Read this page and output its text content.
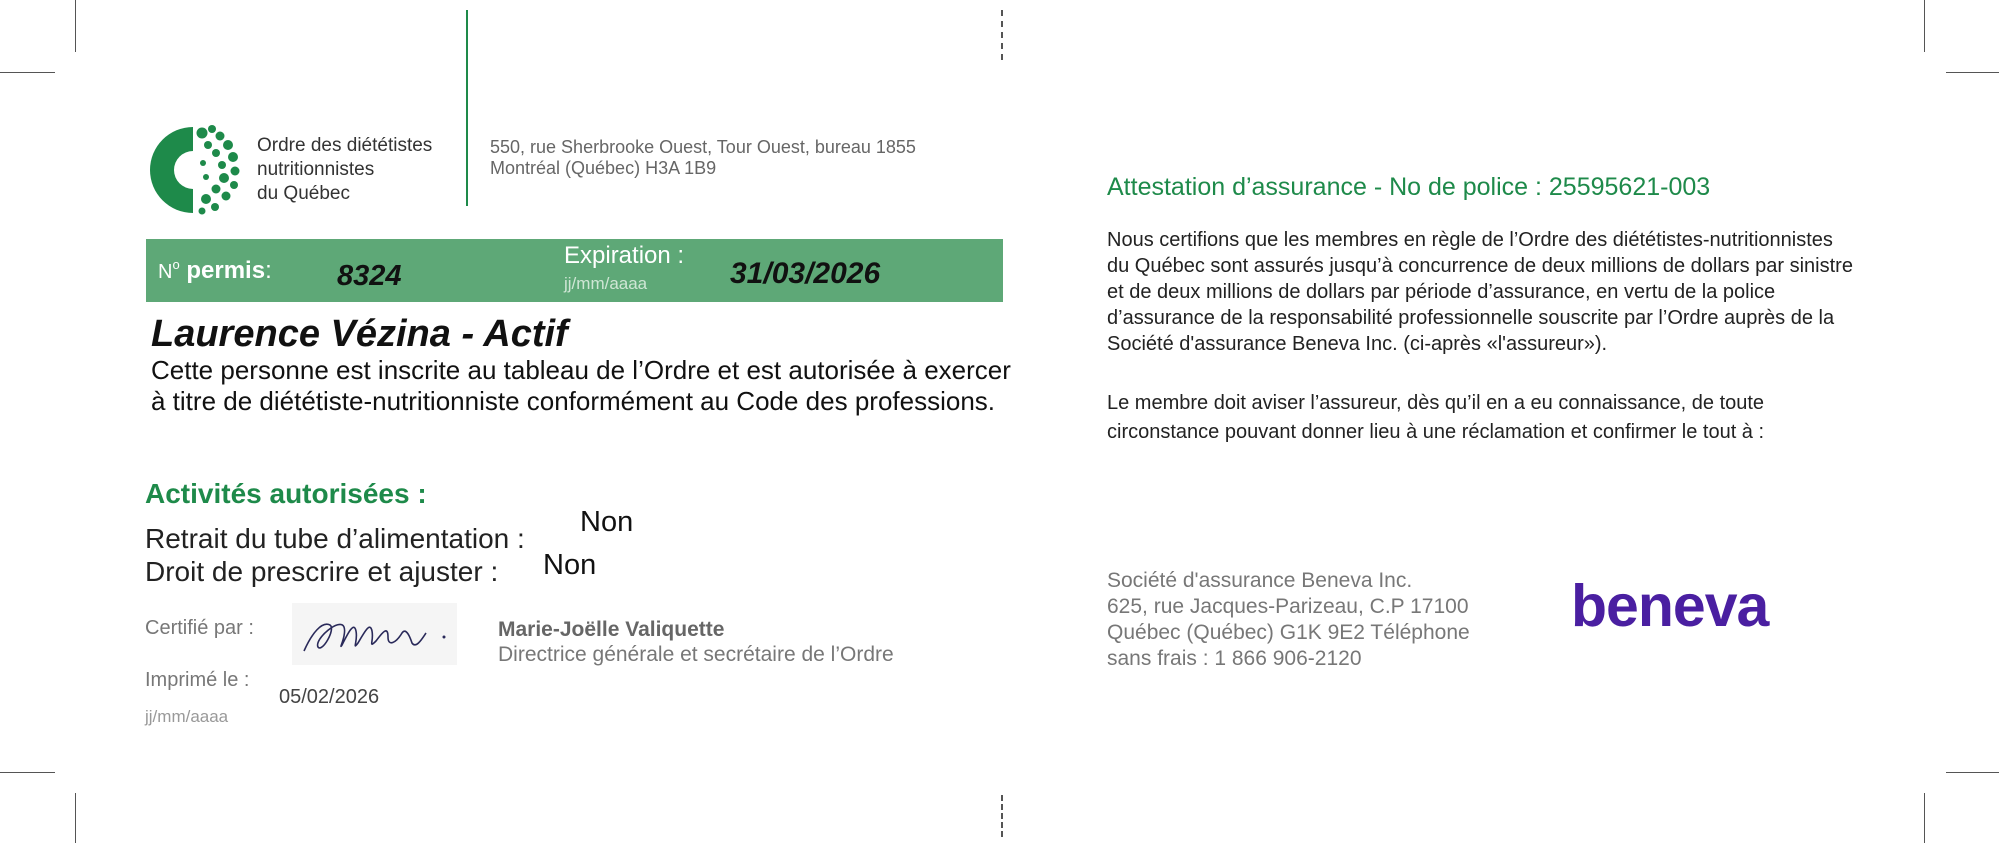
Ordre des diététistes
nutritionnistes
du Québec
550, rue Sherbrooke Ouest, Tour Ouest, bureau 1855
Montréal (Québec) H3A 1B9
$N^o$ permis: 8324
Expiration :
jj/mm/aaaa	31/03/2026
Laurence Vézina - Actif
Cette personne est inscrite au tableau de l’Ordre et est autorisée à exercer à titre de diététiste-nutritionniste conformément au Code des professions.
Activités autorisées :
Retrait du tube d’alimentation :
Non
Droit de prescrire et ajuster : Non
Certifié par :	Marie-Joëlle Valiquette
Directrice générale et secrétaire de l’Ordre
Imprimé le :
05/02/2026
jj/mm/aaaa
Attestation d’assurance - No de police : 25595621-003
Nous certifions que les membres en règle de l’Ordre des diététistes-nutritionnistes du Québec sont assurés jusqu’à concurrence de deux millions de dollars par sinistre et de deux millions de dollars par période d’assurance, en vertu de la police d’assurance de la responsabilité professionnelle souscrite par l’Ordre auprès de la Société d'assurance Beneva Inc. (ci-après «l'assureur»).
Le membre doit aviser l’assureur, dès qu’il en a eu connaissance, de toute circonstance pouvant donner lieu à une réclamation et confirmer le tout à :
Société d'assurance Beneva Inc.
625, rue Jacques-Parizeau, C.P 17100
Québec (Québec) G1K 9E2 Téléphone
sans frais : 1 866 906-2120
beneva
